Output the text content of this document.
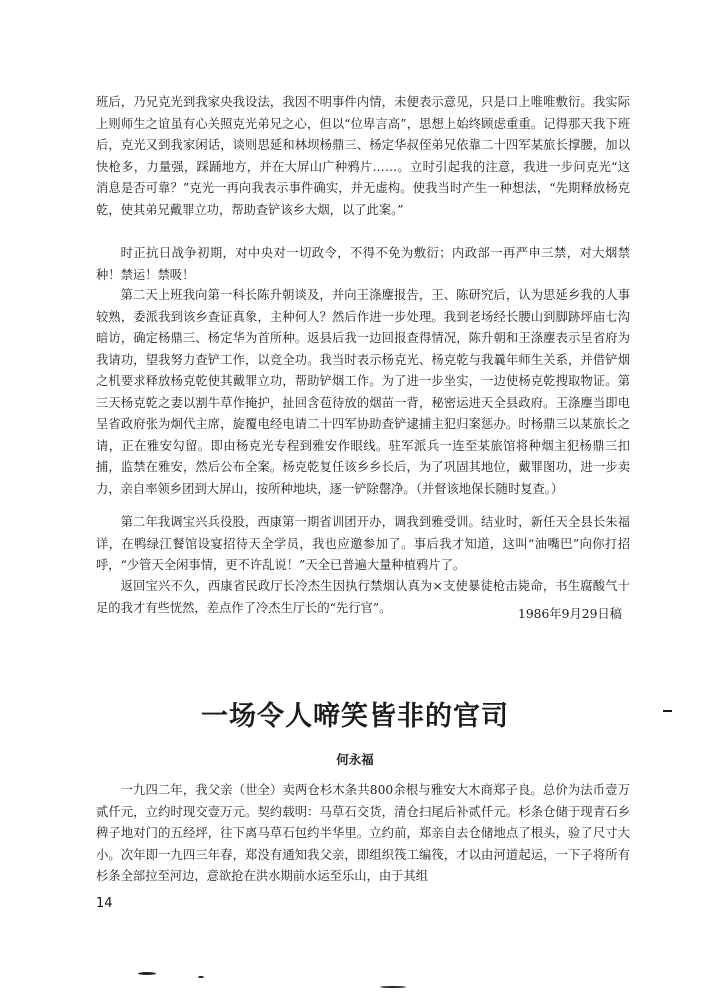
班后，乃兄克光到我家央我设法，我因不明事件内情，未便表示意见，只是口上唯唯敷衍。我实际上则师生之谊虽有心关照克光弟兄之心，但以“位卑言高”，思想上始终顾虑重重。记得那天我下班后，克光又到我家闲话，谈则思延和林坝杨鼎三、杨定华叔侄弟兄依靠二十四军某旅长撑腰，加以快枪多，力量强，踩踊地方，并在大屏山广种鸦片……。立时引起我的注意，我进一步问克光“这消息是否可靠？”克光一再向我表示事件确实，并无虚构。使我当时产生一种想法，“先期释放杨克乾，使其弟兄戴罪立功，帮助查铲该乡大烟，以了此案。”

时正抗日战争初期，对中央对一切政令，不得不免为敷衍；内政部一再严申三禁，对大烟禁种！禁运！禁吸！

第二天上班我向第一科长陈升朝谈及，并向王涤麈报告，王、陈研究后，认为思延乡我的人事较熟，委派我到该乡查证真象，主种何人？然后作进一步处理。我到老场经长腰山到脚跡坪庙七沟暗访，确定杨鼎三、杨定华为首所种。返县后我一边回报查得情况，陈升朝和王涤麈表示呈省府为我请功，望我努力查铲工作，以竞全功。我当时表示杨克光、杨克乾与我曩年师生关系，并借铲烟之机要求释放杨克乾使其戴罪立功，帮助铲烟工作。为了进一步坐实，一边使杨克乾搜取物证。第三天杨克乾之妻以割牛草作掩护，扯回含苞待放的烟苗一背，秘密运进天全县政府。王涤麈当即电呈省政府张为炯代主席，旋覆电经电请二十四军协助查铲逮捕主犯归案惩办。时杨鼎三以某旅长之请，正在雅安勾留。即由杨克光专程到雅安作眼线。驻军派兵一连至某旅馆将种烟主犯杨鼎三扣捕，监禁在雅安，然后公布全案。杨克乾复任该乡乡长后，为了巩固其地位，戴罪图功，进一步卖力，亲自率领乡团到大屏山，按所种地块，逐一铲除罄净。（并督该地保长随时复查。）

第二年我调宝兴兵役股，西康第一期省训团开办，调我到雅受训。结业时，新任天全县长朱福详，在鸭绿江餐馆设宴招待天全学员，我也应邀参加了。事后我才知道，这叫“油嘴巴”向你打招呼，“少管天全闲事情，更不许乱说！”天全已普遍大量种植鸦片了。

返回宝兴不久，西康省民政厅长冷杰生因执行禁烟认真为×支使暴徒枪击毙命，书生腐酸气十足的我才有些恍然，差点作了冷杰生厅长的“先行官”。	1986年9月29日稿
一场令人啼笑皆非的官司
何永福

一九四二年，我父亲（世全）卖两仓杉木条共800余根与雅安大木商郑子良。总价为法币壹万贰仟元，立约时现交壹万元。契约载明：马草石交货，清仓扫尾后补贰仟元。杉条仓储于现青石乡稗子地对门的五经坪，往下离马草石包约半华里。立约前，郑亲自去仓储地点了根头，验了尺寸大小。次年即一九四三年春，郑没有通知我父亲，即组织筏工编筏，才以由河道起运，一下子将所有杉条全部拉至河边，意欲抢在洪水期前水运至乐山，由于其组

14
